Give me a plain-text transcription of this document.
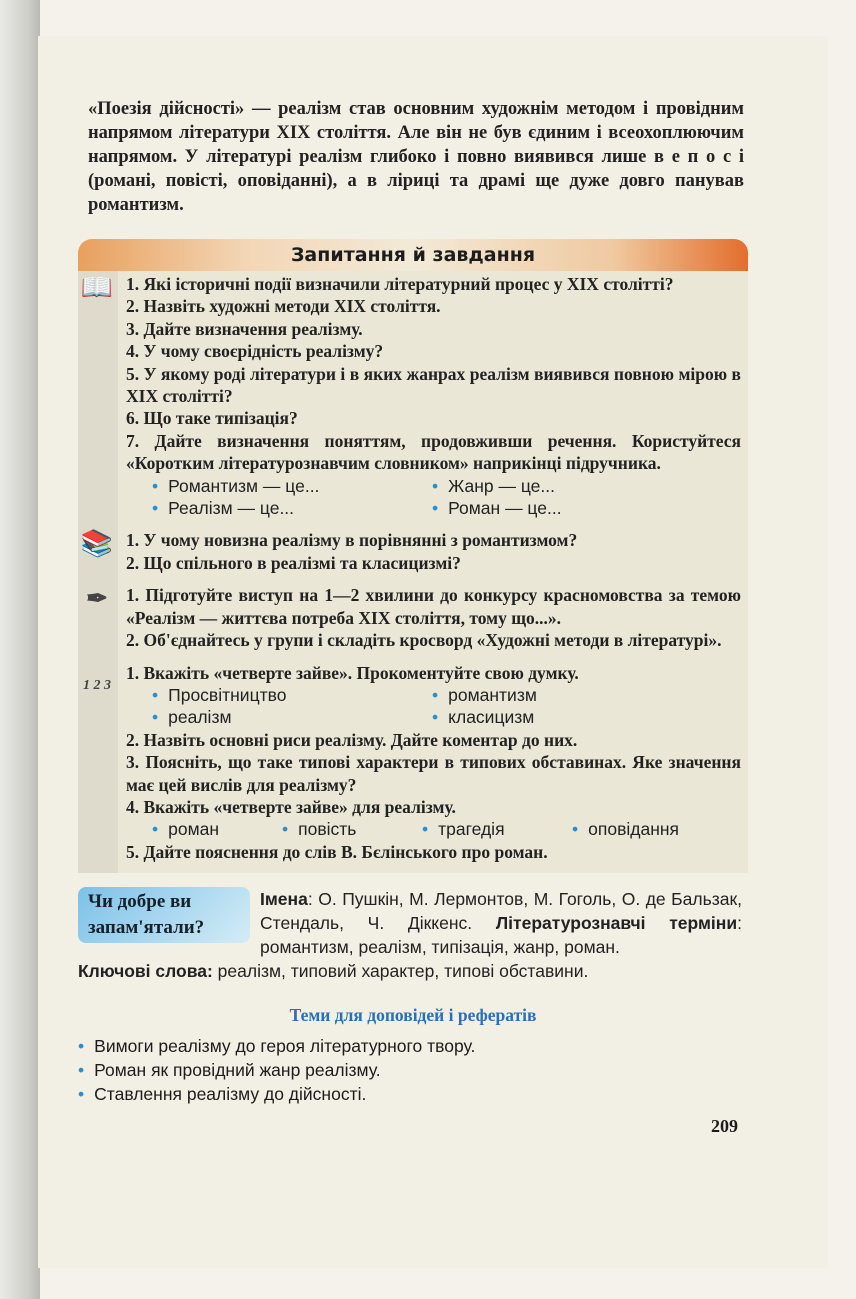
«Поезія дійсності» — реалізм став основним художнім методом і провідним напрямом літератури XIX століття. Але він не був єдиним і всеохоплюючим напрямом. У літературі реалізм глибоко і повно виявився лише в е п о с і (романі, повісті, оповіданні), а в ліриці та драмі ще дуже довго панував романтизм.
Запитання й завдання
📖 1. Які історичні події визначили літературний процес у XIX столітті?
2. Назвіть художні методи XIX століття.
3. Дайте визначення реалізму.
4. У чому своєрідність реалізму?
5. У якому роді літератури і в яких жанрах реалізм виявився повною мірою в XIX столітті?
6. Що таке типізація?
7. Дайте визначення поняттям, продовживши речення. Користуйтеся «Коротким літературознавчим словником» наприкінці підручника.
• Романтизм — це...	• Жанр — це...
• Реалізм — це...	• Роман — це...
📚 1. У чому новизна реалізму в порівнянні з романтизмом?
2. Що спільного в реалізмі та класицизмі?
✒	1. Підготуйте виступ на 1—2 хвилини до конкурсу красномовства за темою «Реалізм — життєва потреба XIX століття, тому що...».
2. Об'єднайтесь у групи і складіть кросворд «Художні методи в літературі».
1 2 3
1. Вкажіть «четверте зайве». Прокоментуйте свою думку.
• Просвітництво	• романтизм
• реалізм	• класицизм
2. Назвіть основні риси реалізму. Дайте коментар до них.
3. Поясніть, що таке типові характери в типових обставинах. Яке значення має цей вислів для реалізму?
4. Вкажіть «четверте зайве» для реалізму.
• роман	• повість	• трагедія	• оповідання
5. Дайте пояснення до слів В. Бєлінського про роман.
Чи добре ви запам'ятали?
Імена: О. Пушкін, М. Лермонтов, М. Гоголь, О. де Бальзак, Стендаль, Ч. Діккенс. Літературознавчі терміни: романтизм, реалізм, типізація, жанр, роман.
Ключові слова: реалізм, типовий характер, типові обставини.
Теми для доповідей і рефератів
• Вимоги реалізму до героя літературного твору.
• Роман як провідний жанр реалізму.
• Ставлення реалізму до дійсності.
209
